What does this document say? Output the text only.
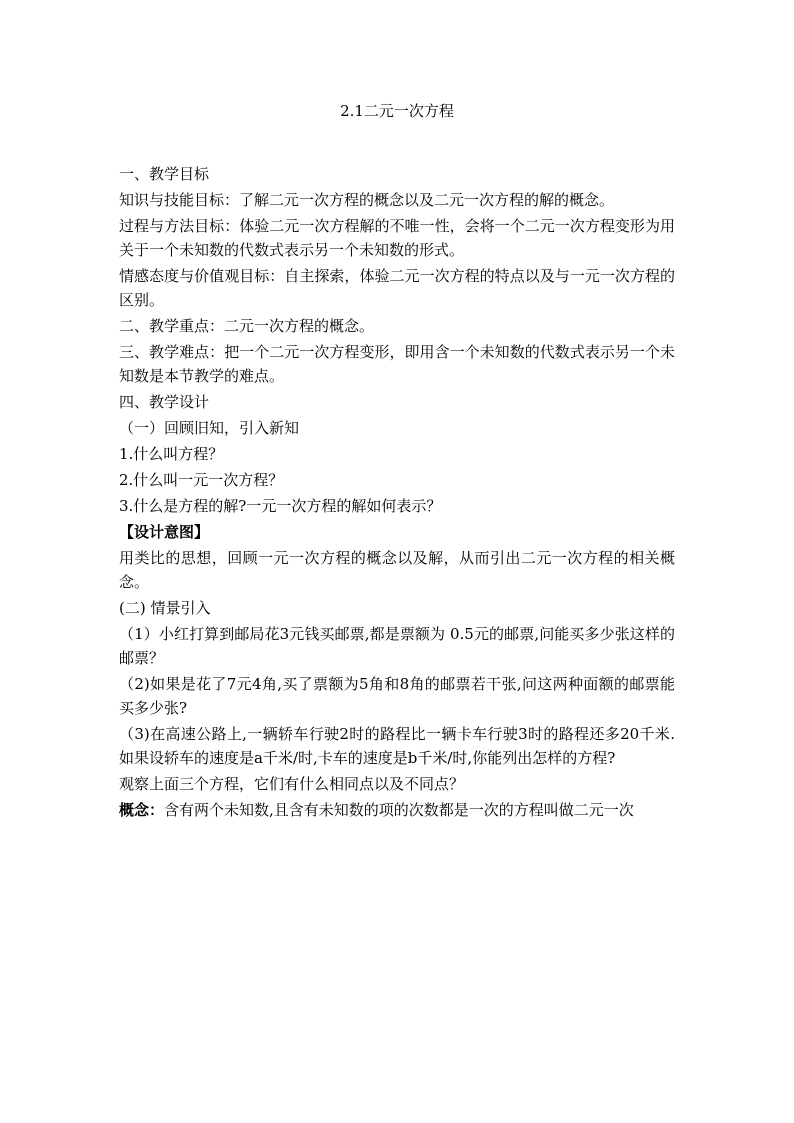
2.1二元一次方程

一、教学目标

知识与技能目标：了解二元一次方程的概念以及二元一次方程的解的概念。

过程与方法目标：体验二元一次方程解的不唯一性，会将一个二元一次方程变形为用关于一个未知数的代数式表示另一个未知数的形式。

情感态度与价值观目标：自主探索，体验二元一次方程的特点以及与一元一次方程的区别。

二、教学重点：二元一次方程的概念。

三、教学难点：把一个二元一次方程变形，即用含一个未知数的代数式表示另一个未知数是本节教学的难点。

四、教学设计

（一）回顾旧知，引入新知

1.什么叫方程？

2.什么叫一元一次方程？

3.什么是方程的解?一元一次方程的解如何表示？

【设计意图】

用类比的思想，回顾一元一次方程的概念以及解，从而引出二元一次方程的相关概念。

(二) 情景引入

（1）小红打算到邮局花3元钱买邮票,都是票额为 0.5元的邮票,问能买多少张这样的邮票？

（2)如果是花了7元4角,买了票额为5角和8角的邮票若干张,问这两种面额的邮票能买多少张?

（3)在高速公路上,一辆轿车行驶2时的路程比一辆卡车行驶3时的路程还多20千米.如果设轿车的速度是a千米/时,卡车的速度是b千米/时,你能列出怎样的方程?

观察上面三个方程，它们有什么相同点以及不同点？

概念：含有两个未知数,且含有未知数的项的次数都是一次的方程叫做二元一次
